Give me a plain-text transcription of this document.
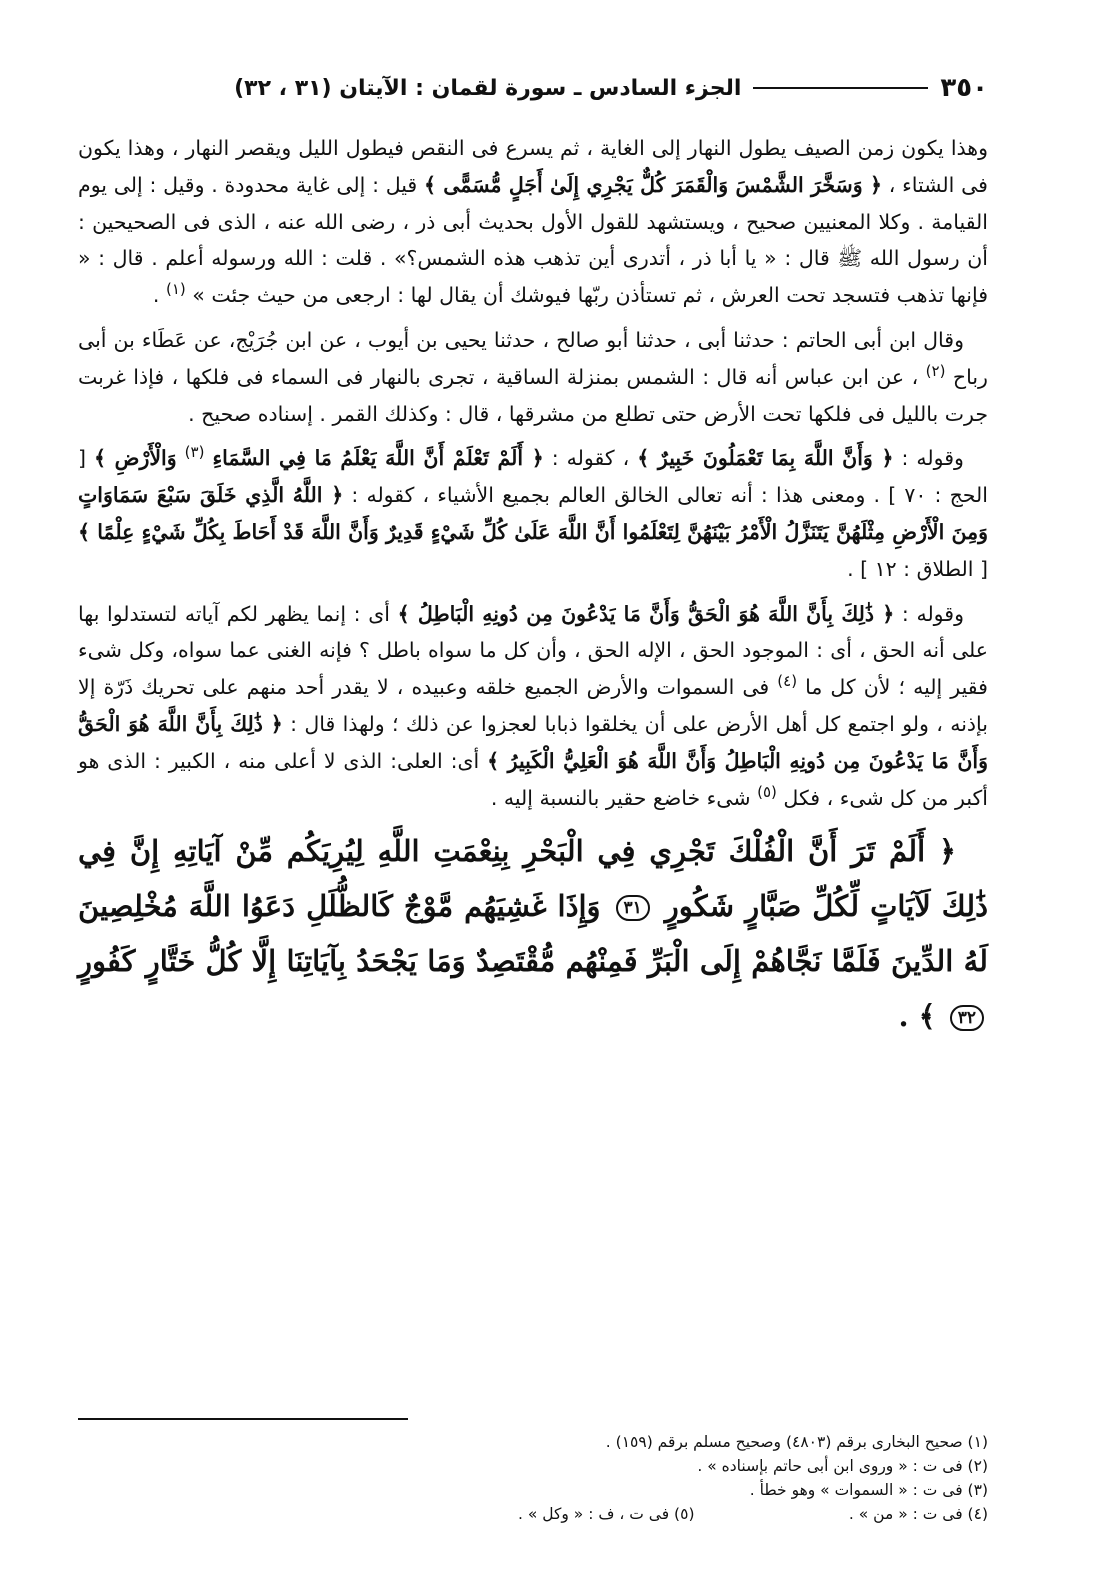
٣٥٠
الجزء السادس ـ سورة لقمان : الآيتان (٣١ ، ٣٢)

وهذا يكون زمن الصيف يطول النهار إلى الغاية ، ثم يسرع فى النقص فيطول الليل ويقصر النهار ، وهذا يكون فى الشتاء ، ﴿ وَسَخَّرَ الشَّمْسَ وَالْقَمَرَ كُلٌّ يَجْرِي إِلَىٰ أَجَلٍ مُّسَمًّى ﴾ قيل : إلى غاية محدودة . وقيل : إلى يوم القيامة . وكلا المعنيين صحيح ، ويستشهد للقول الأول بحديث أبى ذر ، رضى الله عنه ، الذى فى الصحيحين : أن رسول الله ﷺ قال : « يا أبا ذر ، أتدرى أين تذهب هذه الشمس؟» . قلت : الله ورسوله أعلم . قال : « فإنها تذهب فتسجد تحت العرش ، ثم تستأذن ربّها فيوشك أن يقال لها : ارجعى من حيث جئت » $^{(١)}$ .

وقال ابن أبى الحاتم : حدثنا أبى ، حدثنا أبو صالح ، حدثنا يحيى بن أيوب ، عن ابن جُرَيْج، عن عَطَاء بن أبى رباح $^{(٢)}$ ، عن ابن عباس أنه قال : الشمس بمنزلة الساقية ، تجرى بالنهار فى السماء فى فلكها ، فإذا غربت جرت بالليل فى فلكها تحت الأرض حتى تطلع من مشرقها ، قال : وكذلك القمر . إسناده صحيح .

وقوله : ﴿ وَأَنَّ اللَّهَ بِمَا تَعْمَلُونَ خَبِيرٌ ﴾ ، كقوله : ﴿ أَلَمْ تَعْلَمْ أَنَّ اللَّهَ يَعْلَمُ مَا فِي السَّمَاءِ $^{(٣)}$ وَالْأَرْضِ ﴾ [ الحج : ٧٠ ] . ومعنى هذا : أنه تعالى الخالق العالم بجميع الأشياء ، كقوله : ﴿ اللَّهُ الَّذِي خَلَقَ سَبْعَ سَمَاوَاتٍ وَمِنَ الْأَرْضِ مِثْلَهُنَّ يَتَنَزَّلُ الْأَمْرُ بَيْنَهُنَّ لِتَعْلَمُوا أَنَّ اللَّهَ عَلَىٰ كُلِّ شَيْءٍ قَدِيرٌ وَأَنَّ اللَّهَ قَدْ أَحَاطَ بِكُلِّ شَيْءٍ عِلْمًا ﴾ [ الطلاق : ١٢ ] .

وقوله : ﴿ ذَٰلِكَ بِأَنَّ اللَّهَ هُوَ الْحَقُّ وَأَنَّ مَا يَدْعُونَ مِن دُونِهِ الْبَاطِلُ ﴾ أى : إنما يظهر لكم آياته لتستدلوا بها على أنه الحق ، أى : الموجود الحق ، الإله الحق ، وأن كل ما سواه باطل ؟ فإنه الغنى عما سواه، وكل شىء فقير إليه ؛ لأن كل ما $^{(٤)}$ فى السموات والأرض الجميع خلقه وعبيده ، لا يقدر أحد منهم على تحريك ذَرّة إلا بإذنه ، ولو اجتمع كل أهل الأرض على أن يخلقوا ذبابا لعجزوا عن ذلك ؛ ولهذا قال : ﴿ ذَٰلِكَ بِأَنَّ اللَّهَ هُوَ الْحَقُّ وَأَنَّ مَا يَدْعُونَ مِن دُونِهِ الْبَاطِلُ وَأَنَّ اللَّهَ هُوَ الْعَلِيُّ الْكَبِيرُ ﴾ أى: العلى: الذى لا أعلى منه ، الكبير : الذى هو أكبر من كل شىء ، فكل $^{(٥)}$ شىء خاضع حقير بالنسبة إليه .

﴿ أَلَمْ تَرَ أَنَّ الْفُلْكَ تَجْرِي فِي الْبَحْرِ بِنِعْمَتِ اللَّهِ لِيُرِيَكُم مِّنْ آيَاتِهِ إِنَّ فِي ذَٰلِكَ لَآيَاتٍ لِّكُلِّ صَبَّارٍ شَكُورٍ ٣١ وَإِذَا غَشِيَهُم مَّوْجٌ كَالظُّلَلِ دَعَوُا اللَّهَ مُخْلِصِينَ لَهُ الدِّينَ فَلَمَّا نَجَّاهُمْ إِلَى الْبَرِّ فَمِنْهُم مُّقْتَصِدٌ وَمَا يَجْحَدُ بِآيَاتِنَا إِلَّا كُلُّ خَتَّارٍ كَفُورٍ ٣٢ ﴾ .

(١) صحيح البخارى برقم (٤٨٠٣) وصحيح مسلم برقم (١٥٩) .
(٢) فى ت : « وروى ابن أبى حاتم بإسناده » .
(٣) فى ت : « السموات » وهو خطأ .
(٤) فى ت : « من » .
(٥) فى ت ، ف : « وكل » .
